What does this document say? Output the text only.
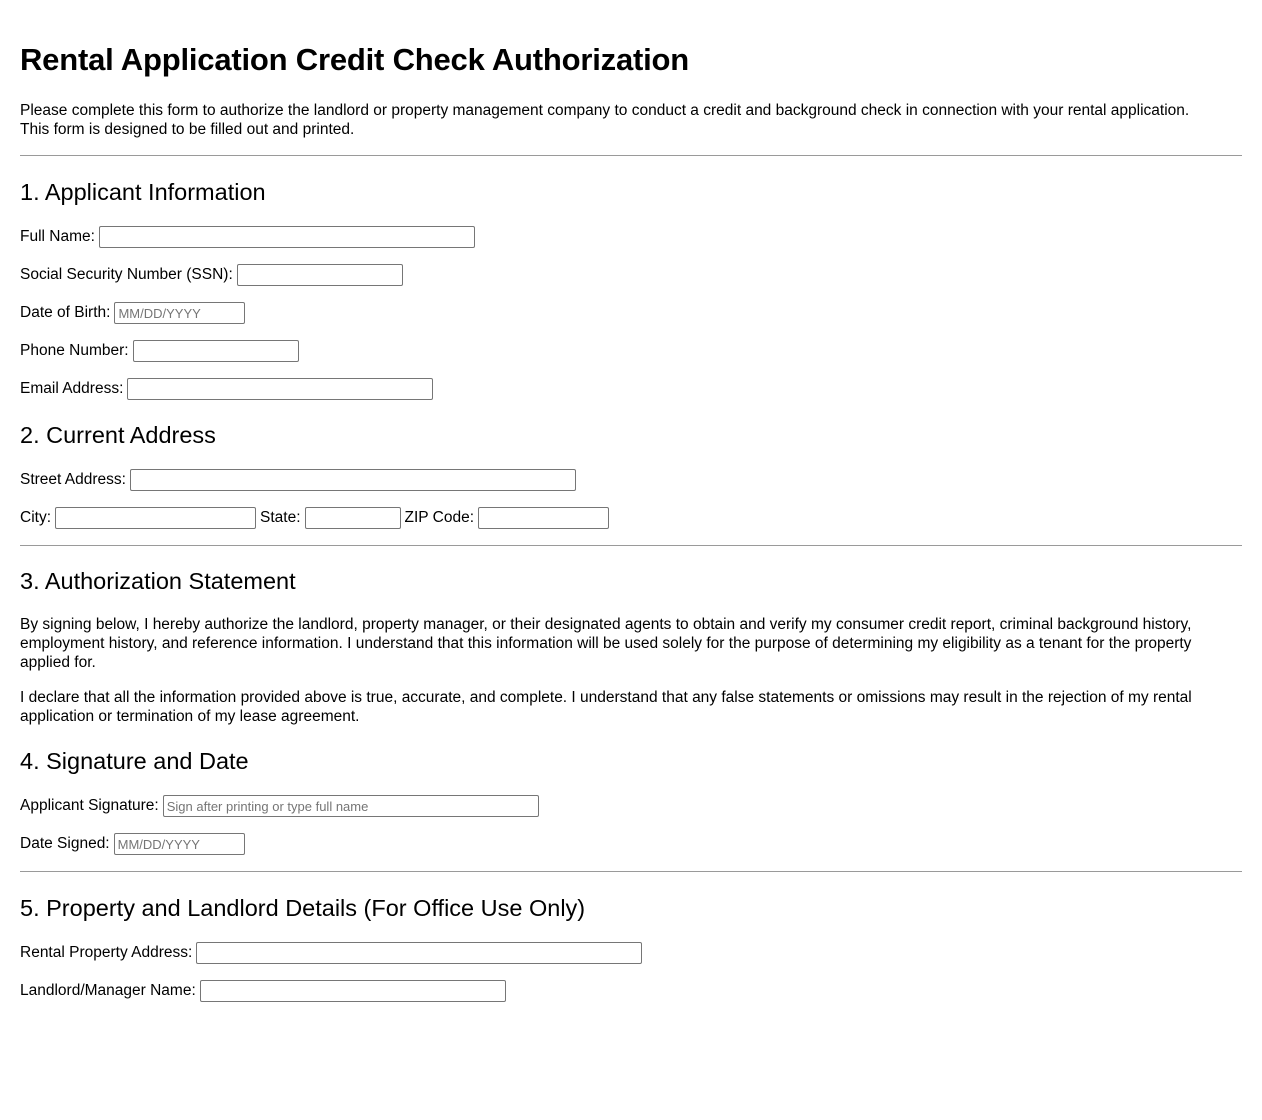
Rental Application Credit Check Authorization

Please complete this form to authorize the landlord or property management company to conduct a credit and background check in connection with your rental application.
This form is designed to be filled out and printed.

1. Applicant Information
Full Name:
Social Security Number (SSN):
Date of Birth:
MM/DD/YYYY
Phone Number:
Email Address:
2. Current Address
Street Address:
City:	State:	ZIP Code:
3. Authorization Statement

By signing below, I hereby authorize the landlord, property manager, or their designated agents to obtain and verify my consumer credit report, criminal background history,
employment history, and reference information. I understand that this information will be used solely for the purpose of determining my eligibility as a tenant for the property
applied for.

I declare that all the information provided above is true, accurate, and complete. I understand that any false statements or omissions may result in the rejection of my rental
application or termination of my lease agreement.

4. Signature and Date
Applicant Signature:
Sign after printing or type full name
Date Signed:
MM/DD/YYYY
5. Property and Landlord Details (For Office Use Only)
Rental Property Address:
Landlord/Manager Name:
